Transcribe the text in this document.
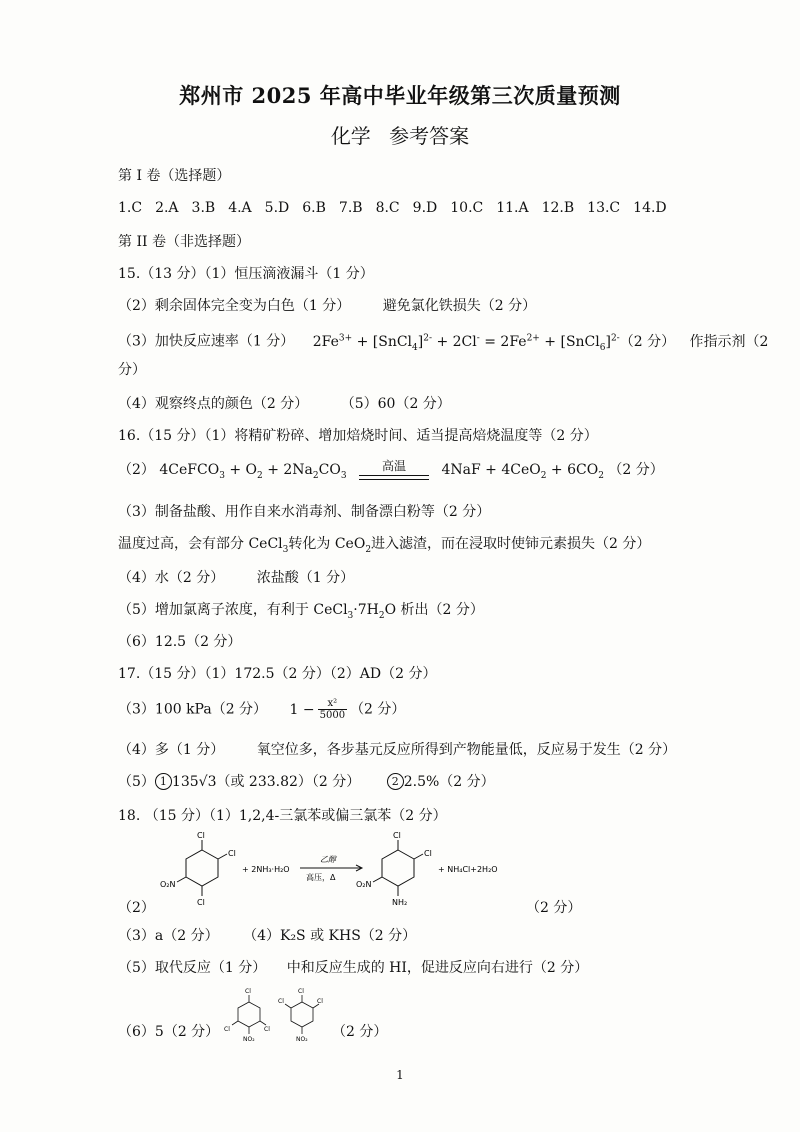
郑州市 2025 年高中毕业年级第三次质量预测
化学 参考答案
第 I 卷（选择题）
1.C 2.A 3.B 4.A 5.D 6.B 7.B 8.C 9.D 10.C 11.A 12.B 13.C 14.D
第 II 卷（非选择题）
15.（13 分）（1）恒压滴液漏斗（1 分）
（2）剩余固体完全变为白色（1 分） 避免氯化铁损失（2 分）
（3）加快反应速率（1 分） $2Fe^{3+}$ + [SnCl$_4$]$^{2-}$ + $2Cl^- = 2Fe^{2+}$ + [SnCl$_6$]$^{2-}$（2 分） 作指示剂（2
分）
（4）观察终点的颜色（2 分） （5）60（2 分）
16.（15 分）（1）将精矿粉碎、增加焙烧时间、适当提高焙烧温度等（2 分）
（2） 4CeFCO$_3$ + $O_2 + 2Na_2CO_3$
高温	$4NaF + 4CeO_2 + 6CO_2$ （2 分）
（3）制备盐酸、用作自来水消毒剂、制备漂白粉等（2 分）
温度过高，会有部分 CeCl$_3$转化为 CeO$_2$进入滤渣，而在浸取时使铈元素损失（2 分）
（4）水（2 分） 浓盐酸（1 分）
（5）增加氯离子浓度，有利于 $CeCl_3\cdot 7H_2O$ 析出（2 分）
（6）12.5（2 分）
17.（15 分）（1）172.5（2 分）（2）AD（2 分）
（3）100 kPa（2 分） $1 - \frac{\text{x²}}{5000} (2$ 分）
（4）多（1 分） 氧空位多，各步基元反应所得到产物能量低，反应易于发生（2 分）
（5） 1 135√3（或 233.82）（2 分）	2 2.5%（2 分）
18. （15 分）（1）1,2,4-三氯苯或偏三氯苯（2 分）
Cl
Cl
O₂N
Cl
+ 2NH₃·H₂O
乙醇
高压，Δ
Cl
Cl
O₂N
NH₂
+ NH₄Cl+2H₂O
（2）	（2 分）
（3）a（2 分） （4）K₂S 或 KHS（2 分）
（5）取代反应（1 分） 中和反应生成的 HI，促进反应向右进行（2 分）
Cl
Cl
Cl
NO₂
Cl
Cl
Cl
NO₂
（6）5（2 分）	（2 分）
1
